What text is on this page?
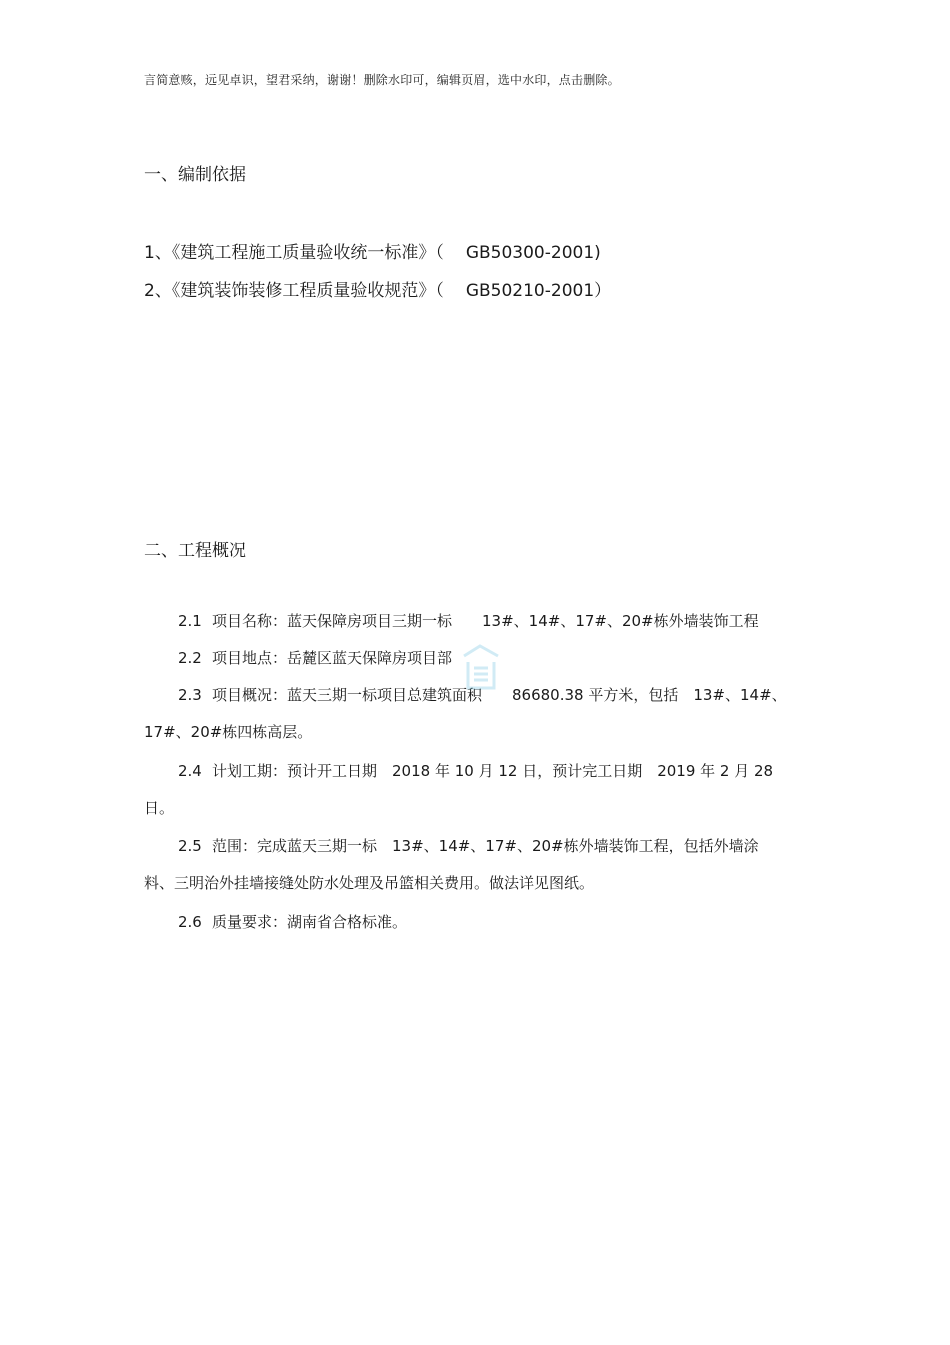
言简意赅，远见卓识，望君采纳，谢谢！删除水印可，编辑页眉，选中水印，点击删除。
一、编制依据
1、《建筑工程施工质量验收统一标准》（ GB50300-2001)
2、《建筑装饰装修工程质量验收规范》（ GB50210-2001）
二、工程概况
2.1 项目名称：蓝天保障房项目三期一标　　13#、14#、17#、20#栋外墙装饰工程
2.2 项目地点：岳麓区蓝天保障房项目部
2.3 项目概况：蓝天三期一标项目总建筑面积　　86680.38 平方米，包括　13#、14#、
17#、20#栋四栋高层。
2.4 计划工期：预计开工日期　2018 年 10 月 12 日，预计完工日期　2019 年 2 月 28
日。
2.5 范围：完成蓝天三期一标　13#、14#、17#、20#栋外墙装饰工程，包括外墙涂
料、三明治外挂墙接缝处防水处理及吊篮相关费用。做法详见图纸。
2.6 质量要求：湖南省合格标准。
